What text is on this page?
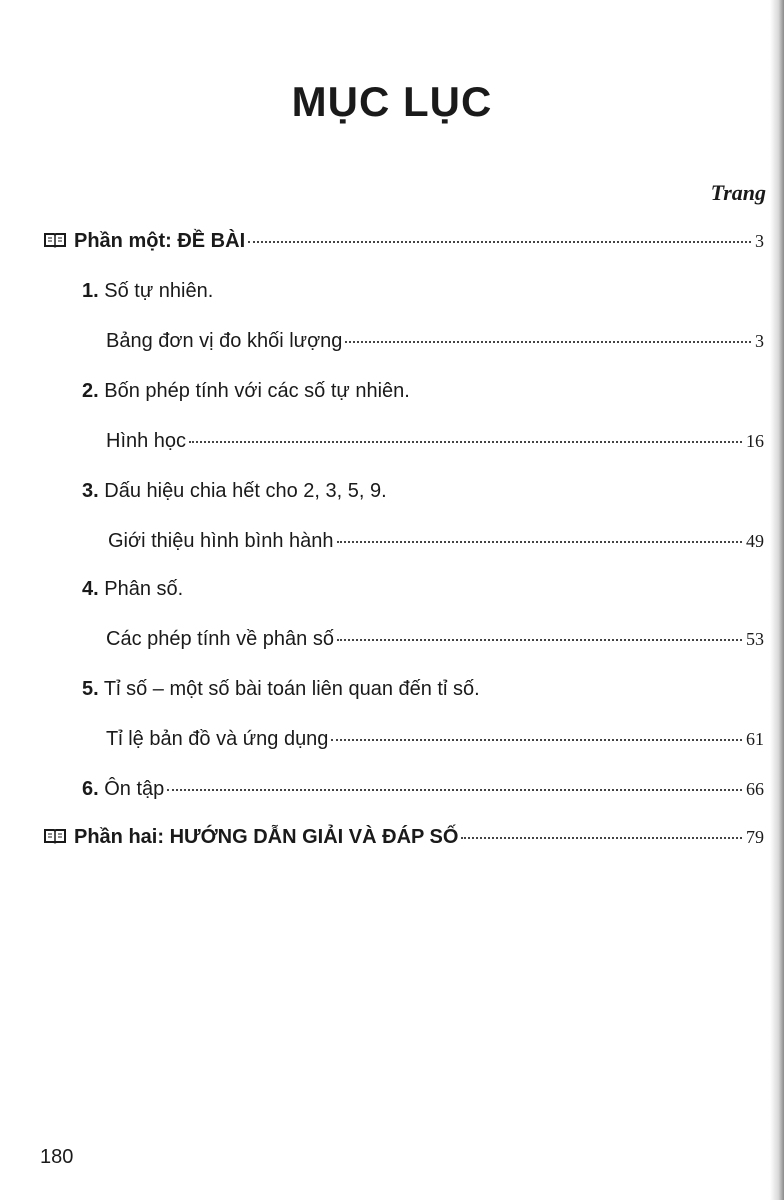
MỤC LỤC
Trang
Phần một: ĐỀ BÀI	3
1. Số tự nhiên.
Bảng đơn vị đo khối lượng	3
2. Bốn phép tính với các số tự nhiên.
Hình học	16
3. Dấu hiệu chia hết cho 2, 3, 5, 9.
Giới thiệu hình bình hành	49
4. Phân số.
Các phép tính về phân số	53
5. Tỉ số – một số bài toán liên quan đến tỉ số.
Tỉ lệ bản đồ và ứng dụng	61
6. Ôn tập	66
Phần hai: HƯỚNG DẪN GIẢI VÀ ĐÁP SỐ	79
180
